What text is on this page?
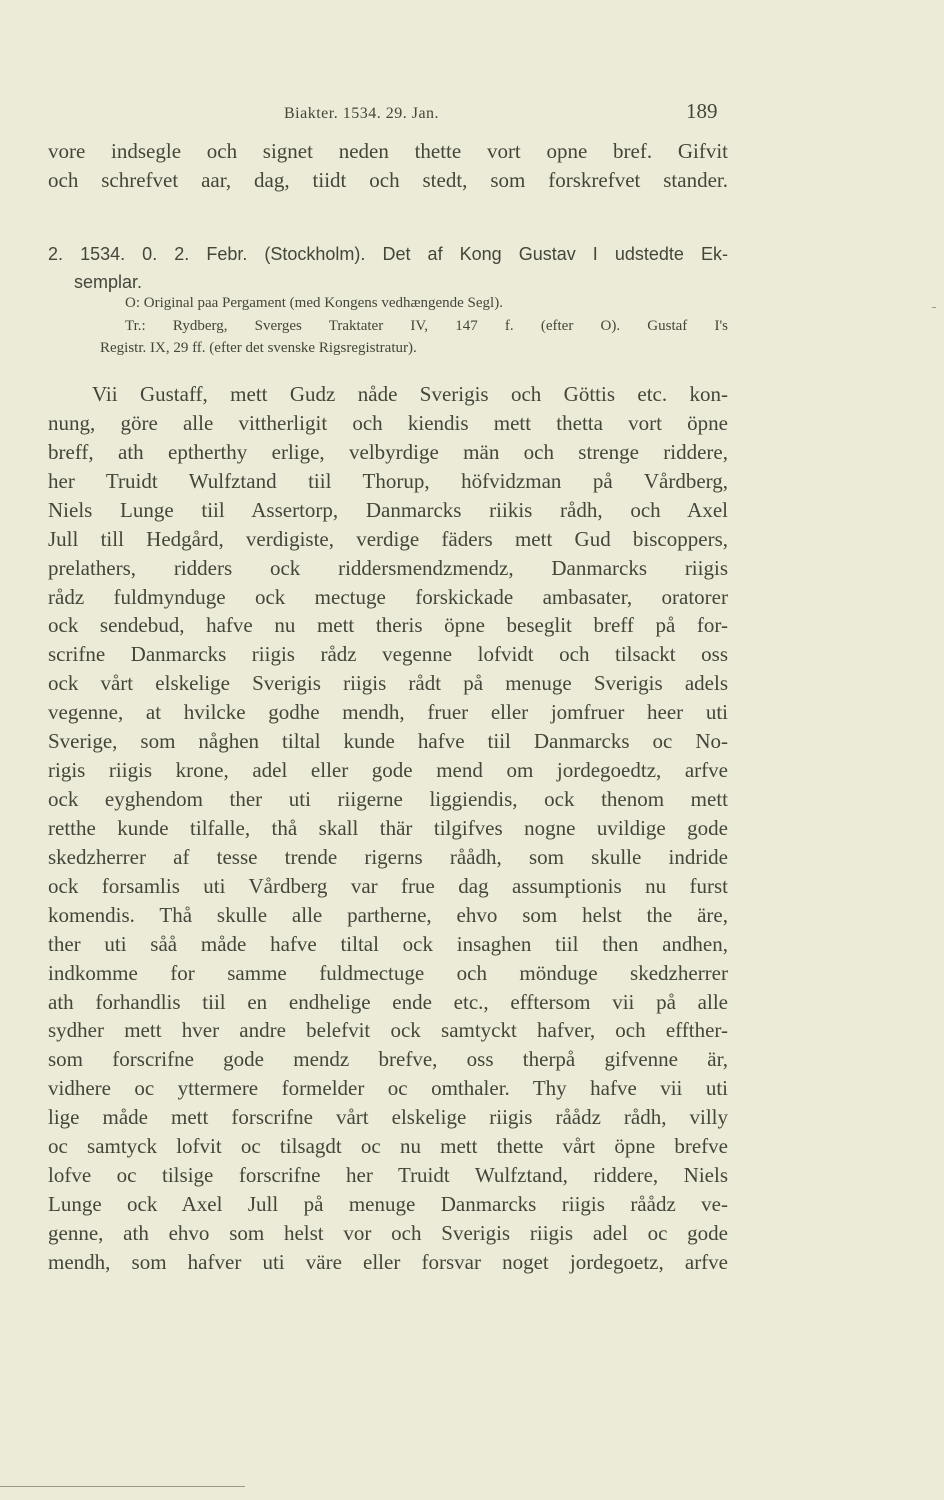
Biakter. 1534. 29. Jan.	189
vore indsegle och signet neden thette vort opne bref. Gifvit
och schrefvet aar, dag, tiidt och stedt, som forskrefvet stander.
2. 1534. 0. 2. Febr. (Stockholm). Det af Kong Gustav I udstedte Ek-
semplar.
O: Original paa Pergament (med Kongens vedhængende Segl).
Tr.: Rydberg, Sverges Traktater IV, 147 f. (efter O). Gustaf I's
Registr. IX, 29 ff. (efter det svenske Rigsregistratur).
Vii Gustaff, mett Gudz nåde Sverigis och Göttis etc. kon-
nung, göre alle vittherligit och kiendis mett thetta vort öpne
breff, ath eptherthy erlige, velbyrdige män och strenge riddere,
her Truidt Wulfztand tiil Thorup, höfvidzman på Vårdberg,
Niels Lunge tiil Assertorp, Danmarcks riikis rådh, och Axel
Jull till Hedgård, verdigiste, verdige fäders mett Gud biscoppers,
prelathers, ridders ock riddersmendzmendz, Danmarcks riigis
rådz fuldmynduge ock mectuge forskickade ambasater, oratorer
ock sendebud, hafve nu mett theris öpne beseglit breff på for-
scrifne Danmarcks riigis rådz vegenne lofvidt och tilsackt oss
ock vårt elskelige Sverigis riigis rådt på menuge Sverigis adels
vegenne, at hvilcke godhe mendh, fruer eller jomfruer heer uti
Sverige, som någhen tiltal kunde hafve tiil Danmarcks oc No-
rigis riigis krone, adel eller gode mend om jordegoedtz, arfve
ock eyghendom ther uti riigerne liggiendis, ock thenom mett
retthe kunde tilfalle, thå skall thär tilgifves nogne uvildige gode
skedzherrer af tesse trende rigerns råådh, som skulle indride
ock forsamlis uti Vårdberg var frue dag assumptionis nu furst
komendis. Thå skulle alle partherne, ehvo som helst the äre,
ther uti såå måde hafve tiltal ock insaghen tiil then andhen,
indkomme for samme fuldmectuge och mönduge skedzherrer
ath forhandlis tiil en endhelige ende etc., efftersom vii på alle
sydher mett hver andre belefvit ock samtyckt hafver, och effther-
som forscrifne gode mendz brefve, oss therpå gifvenne är,
vidhere oc yttermere formelder oc omthaler. Thy hafve vii uti
lige måde mett forscrifne vårt elskelige riigis råådz rådh, villy
oc samtyck lofvit oc tilsagdt oc nu mett thette vårt öpne brefve
lofve oc tilsige forscrifne her Truidt Wulfztand, riddere, Niels
Lunge ock Axel Jull på menuge Danmarcks riigis råådz ve-
genne, ath ehvo som helst vor och Sverigis riigis adel oc gode
mendh, som hafver uti väre eller forsvar noget jordegoetz, arfve
